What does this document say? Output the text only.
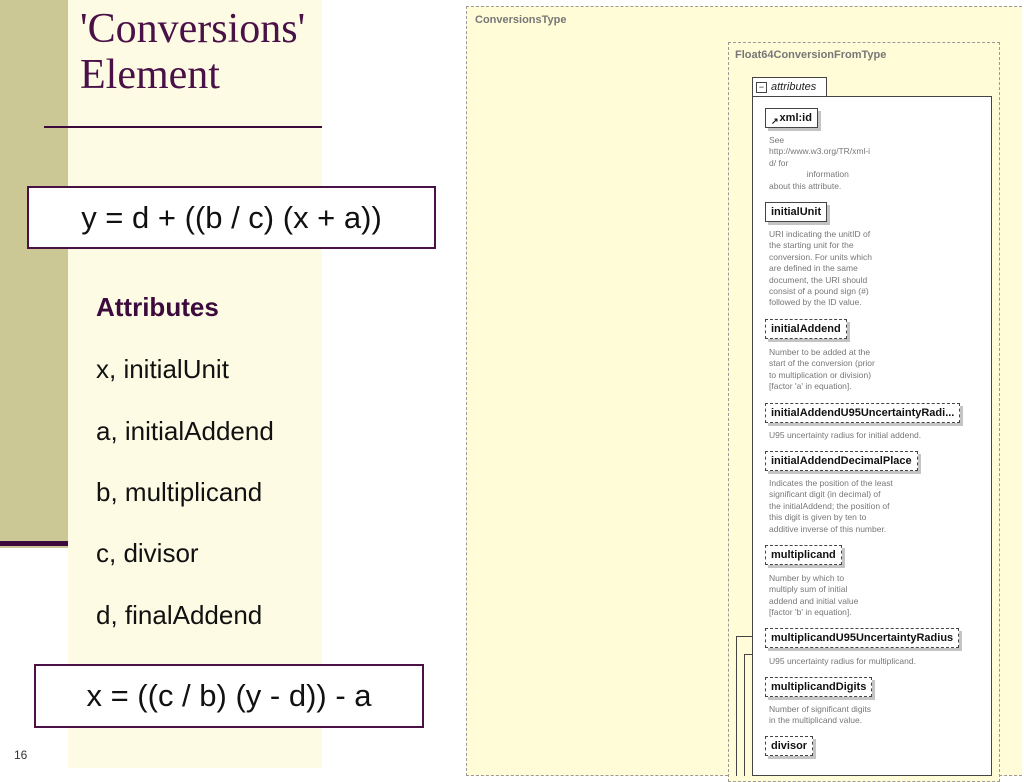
'Conversions'
Element
y = d + ((b / c) (x + a))
Attributes
x, initialUnit
a, initialAddend
b, multiplicand
c, divisor
d, finalAddend
x = ((c / b) (y - d)) - a
16
ConversionsType
Float64ConversionFromType
− attributes
↗ xml:id
See
http://www.w3.org/TR/xml-i
d/ for
information
about this attribute.
initialUnit
URI indicating the unitID of
the starting unit for the
conversion. For units which
are defined in the same
document, the URI should
consist of a pound sign (#)
followed by the ID value.
initialAddend
Number to be added at the
start of the conversion (prior
to multiplication or division)
[factor 'a' in equation].
initialAddendU95UncertaintyRadi...
U95 uncertainty radius for initial addend.
initialAddendDecimalPlace
Indicates the position of the least
significant digit (in decimal) of
the initialAddend; the position of
this digit is given by ten to
additive inverse of this number.
multiplicand
Number by which to
multiply sum of initial
addend and initial value
[factor 'b' in equation].
multiplicandU95UncertaintyRadius
U95 uncertainty radius for multiplicand.
multiplicandDigits
Number of significant digits
in the multiplicand value.
divisor
